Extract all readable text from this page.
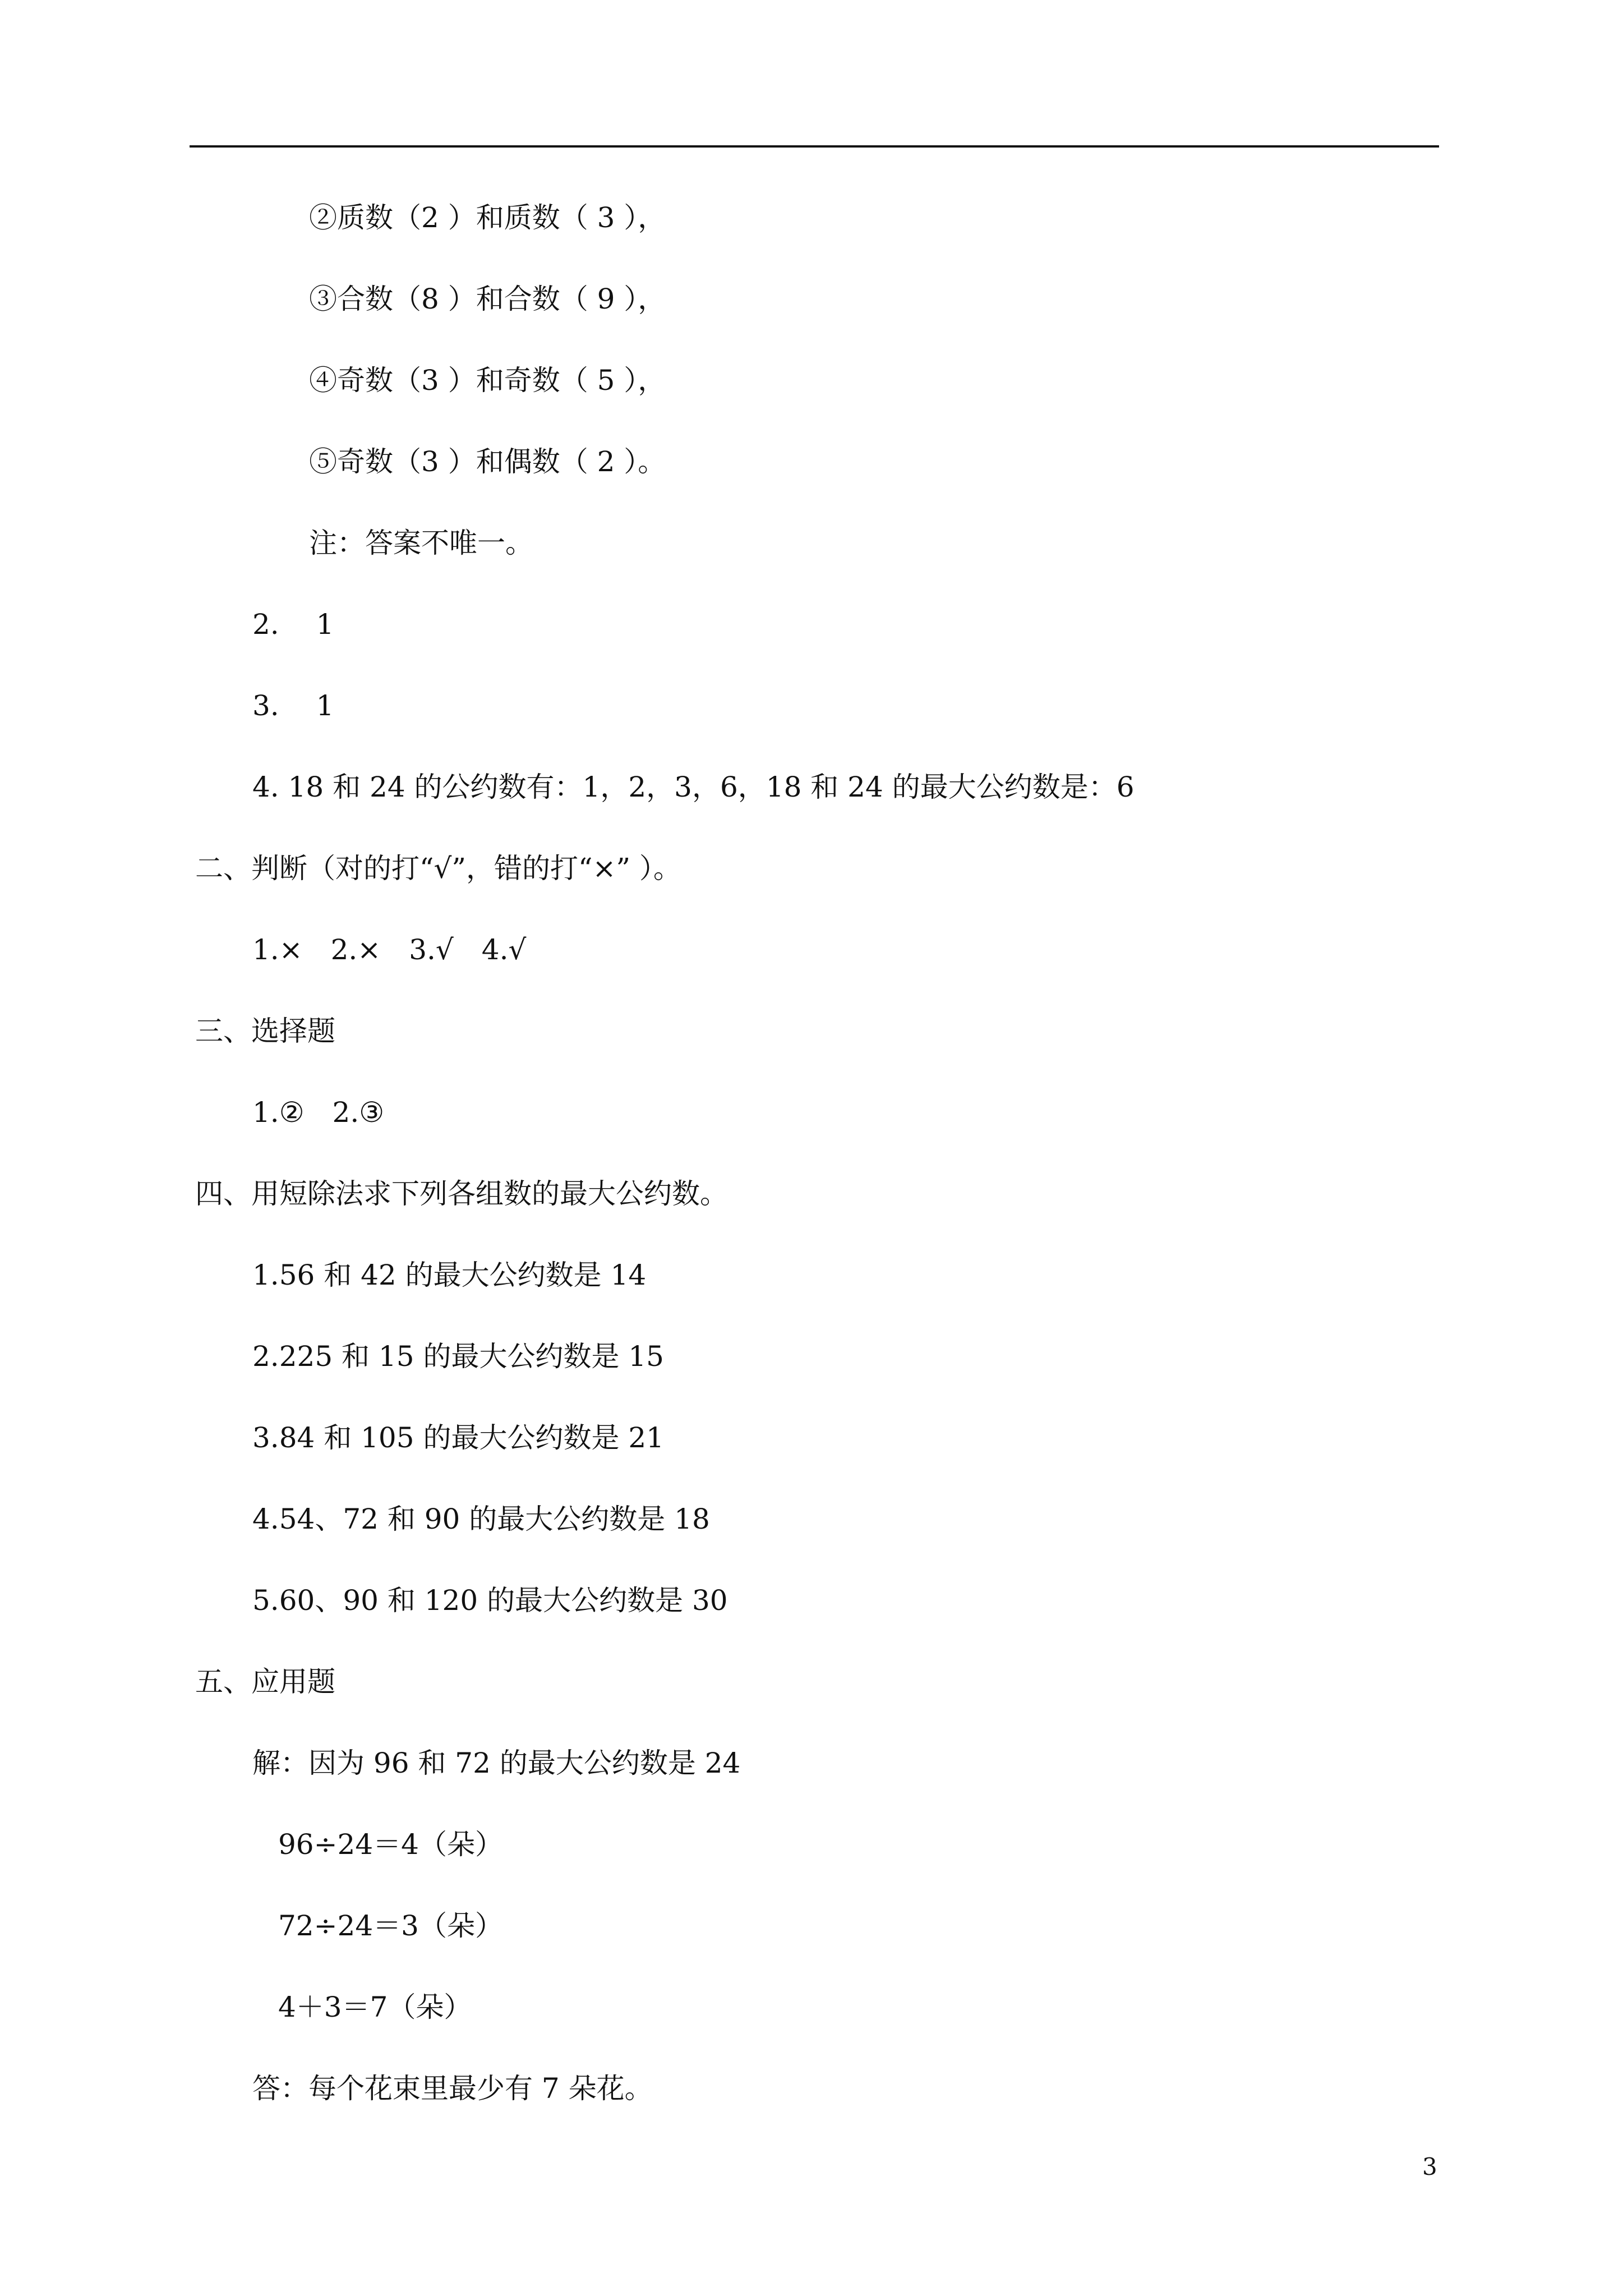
②质数（2 ）和质数（ 3 ），
③合数（8 ）和合数（ 9 ），
④奇数（3 ）和奇数（ 5 ），
⑤奇数（3 ）和偶数（ 2 ）。
注：答案不唯一。
2.　 1
3.　 1
4. 18 和 24 的公约数有：1，2，3，6，18 和 24 的最大公约数是：6
二、判断（对的打“√”，错的打“×” ）。
1.×　2.×　3.√　4.√
三、选择题
1.②　2.③
四、用短除法求下列各组数的最大公约数。
1.56 和 42 的最大公约数是 14
2.225 和 15 的最大公约数是 15
3.84 和 105 的最大公约数是 21
4.54、72 和 90 的最大公约数是 18
5.60、90 和 120 的最大公约数是 30
五、应用题
解：因为 96 和 72 的最大公约数是 24
96÷24＝4（朵）
72÷24＝3（朵）
4＋3＝7（朵）
答：每个花束里最少有 7 朵花。
3
